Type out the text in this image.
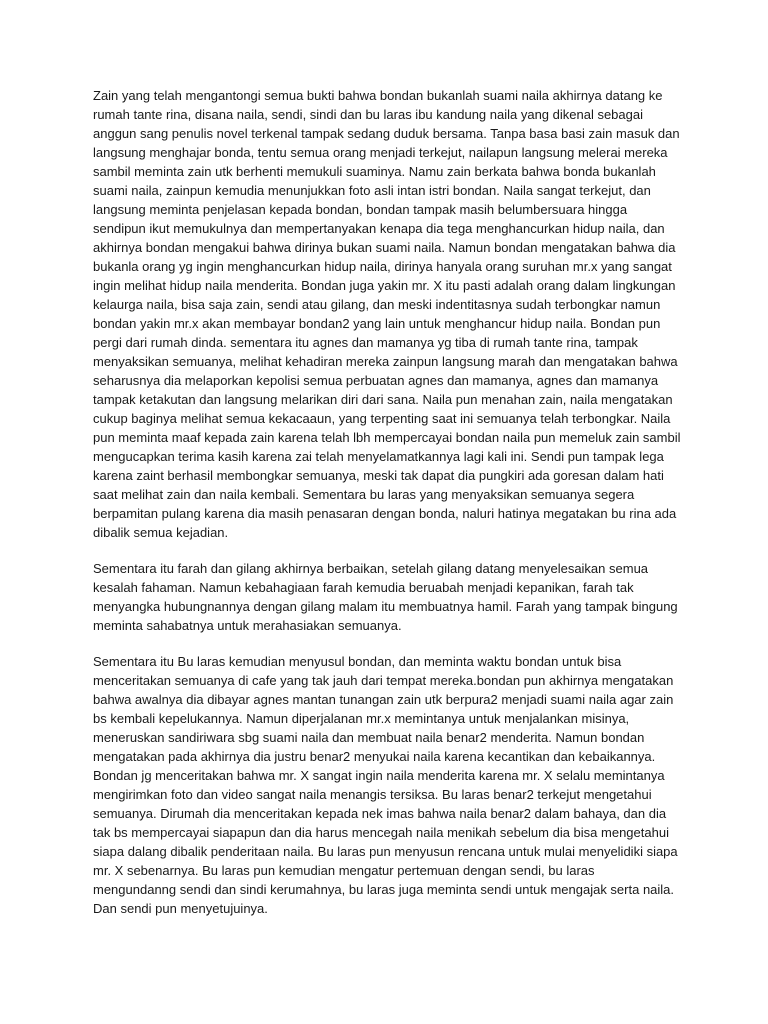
Zain yang telah mengantongi semua bukti bahwa bondan bukanlah suami naila akhirnya datang ke rumah tante rina, disana naila, sendi, sindi dan bu laras ibu kandung naila yang dikenal sebagai anggun sang penulis novel terkenal tampak sedang duduk bersama. Tanpa basa basi zain masuk dan langsung menghajar bonda, tentu semua orang menjadi terkejut, nailapun langsung melerai mereka sambil meminta zain utk berhenti memukuli suaminya. Namu zain berkata bahwa bonda bukanlah suami naila, zainpun kemudia menunjukkan foto asli intan istri bondan. Naila sangat terkejut, dan langsung meminta penjelasan kepada bondan, bondan tampak masih belumbersuara hingga sendipun ikut memukulnya dan mempertanyakan kenapa dia tega menghancurkan hidup naila, dan akhirnya bondan mengakui bahwa dirinya bukan suami naila. Namun bondan mengatakan bahwa dia bukanla orang yg ingin menghancurkan hidup naila, dirinya hanyala orang suruhan mr.x yang sangat ingin melihat hidup naila menderita. Bondan juga yakin mr. X itu pasti adalah orang dalam lingkungan kelaurga naila, bisa saja zain, sendi atau gilang, dan meski indentitasnya sudah terbongkar namun bondan yakin mr.x akan membayar bondan2 yang lain untuk menghancur hidup naila. Bondan pun pergi dari rumah dinda. sementara itu agnes dan mamanya yg tiba di rumah tante rina, tampak menyaksikan semuanya, melihat kehadiran mereka zainpun langsung marah dan mengatakan bahwa seharusnya dia melaporkan kepolisi semua perbuatan agnes dan mamanya, agnes dan mamanya tampak ketakutan dan langsung melarikan diri dari sana. Naila pun menahan zain, naila mengatakan cukup baginya melihat semua kekacaaun, yang terpenting saat ini semuanya telah terbongkar. Naila pun meminta maaf kepada zain karena telah lbh mempercayai bondan naila pun memeluk zain sambil mengucapkan terima kasih karena zai telah menyelamatkannya lagi kali ini. Sendi pun tampak lega karena zaint berhasil membongkar semuanya, meski tak dapat dia pungkiri ada goresan dalam hati saat melihat zain dan naila kembali. Sementara bu laras yang menyaksikan semuanya segera berpamitan pulang karena dia masih penasaran dengan bonda, naluri hatinya megatakan bu rina ada dibalik semua kejadian.

Sementara itu farah dan gilang akhirnya berbaikan, setelah gilang datang menyelesaikan semua kesalah fahaman. Namun kebahagiaan farah kemudia beruabah menjadi kepanikan, farah tak menyangka hubungnannya dengan gilang malam itu membuatnya hamil. Farah yang tampak bingung meminta sahabatnya untuk merahasiakan semuanya.

Sementara itu Bu laras kemudian menyusul bondan, dan meminta waktu bondan untuk bisa menceritakan semuanya di cafe yang tak jauh dari tempat mereka.bondan pun akhirnya mengatakan bahwa awalnya dia dibayar agnes mantan tunangan zain utk berpura2 menjadi suami naila agar zain bs kembali kepelukannya. Namun diperjalanan mr.x memintanya untuk menjalankan misinya, meneruskan sandiriwara sbg suami naila dan membuat naila benar2 menderita. Namun bondan mengatakan pada akhirnya dia justru benar2 menyukai naila karena kecantikan dan kebaikannya. Bondan jg menceritakan bahwa mr. X sangat ingin naila menderita karena mr. X selalu memintanya mengirimkan foto dan video sangat naila menangis tersiksa. Bu laras benar2 terkejut mengetahui semuanya. Dirumah dia menceritakan kepada nek imas bahwa naila benar2 dalam bahaya, dan dia tak bs mempercayai siapapun dan dia harus mencegah naila menikah sebelum dia bisa mengetahui siapa dalang dibalik penderitaan naila. Bu laras pun menyusun rencana untuk mulai menyelidiki siapa mr. X sebenarnya. Bu laras pun kemudian mengatur pertemuan dengan sendi, bu laras mengundanng sendi dan sindi kerumahnya, bu laras juga meminta sendi untuk mengajak serta naila. Dan sendi pun menyetujuinya.
